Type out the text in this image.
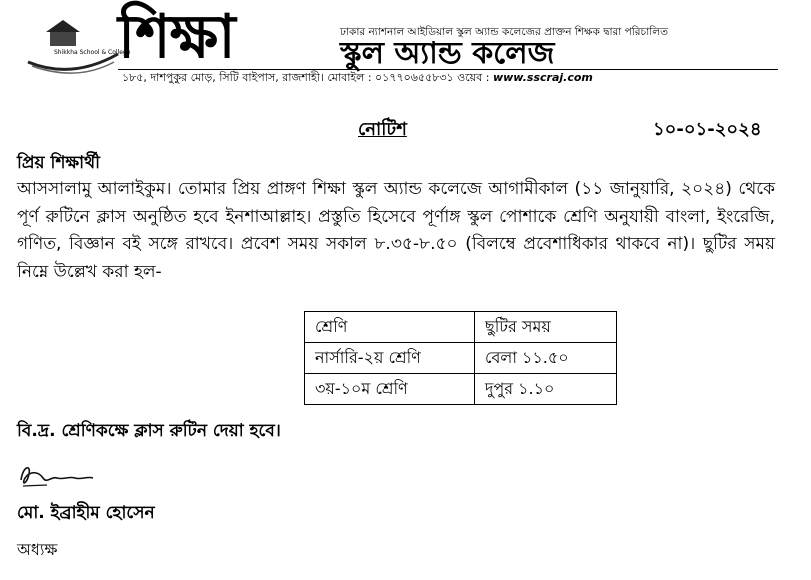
Shikkha School & College
শিক্ষা	ঢাকার ন্যাশনাল আইডিয়াল স্কুল অ্যান্ড কলেজের প্রাক্তন শিক্ষক দ্বারা পরিচালিত
স্কুল অ্যান্ড কলেজ
১৮৫, দাশপুকুর মোড়, সিটি বাইপাস, রাজশাহী। মোবাইল : ০১৭৭০৬৫৫৮৩১ ওয়েব : www.sscraj.com
নোটিশ	১০-০১-২০২৪
প্রিয় শিক্ষার্থী
আসসালামু আলাইকুম। তোমার প্রিয় প্রাঙ্গণ শিক্ষা স্কুল অ্যান্ড কলেজে আগামীকাল (১১ জানুয়ারি, ২০২৪) থেকে পূর্ণ রুটিনে ক্লাস অনুষ্ঠিত হবে ইনশাআল্লাহ। প্রস্তুতি হিসেবে পূর্ণাঙ্গ স্কুল পোশাকে শ্রেণি অনুযায়ী বাংলা, ইংরেজি, গণিত, বিজ্ঞান বই সঙ্গে রাখবে। প্রবেশ সময় সকাল ৮.৩৫-৮.৫০ (বিলম্বে প্রবেশাধিকার থাকবে না)। ছুটির সময় নিম্নে উল্লেখ করা হল-
শ্রেণি	ছুটির সময়
নার্সারি-২য় শ্রেণি	বেলা ১১.৫০
৩য়-১০ম শ্রেণি	দুপুর ১.১০
বি.দ্র. শ্রেণিকক্ষে ক্লাস রুটিন দেয়া হবে।
মো. ইব্রাহীম হোসেন
অধ্যক্ষ
